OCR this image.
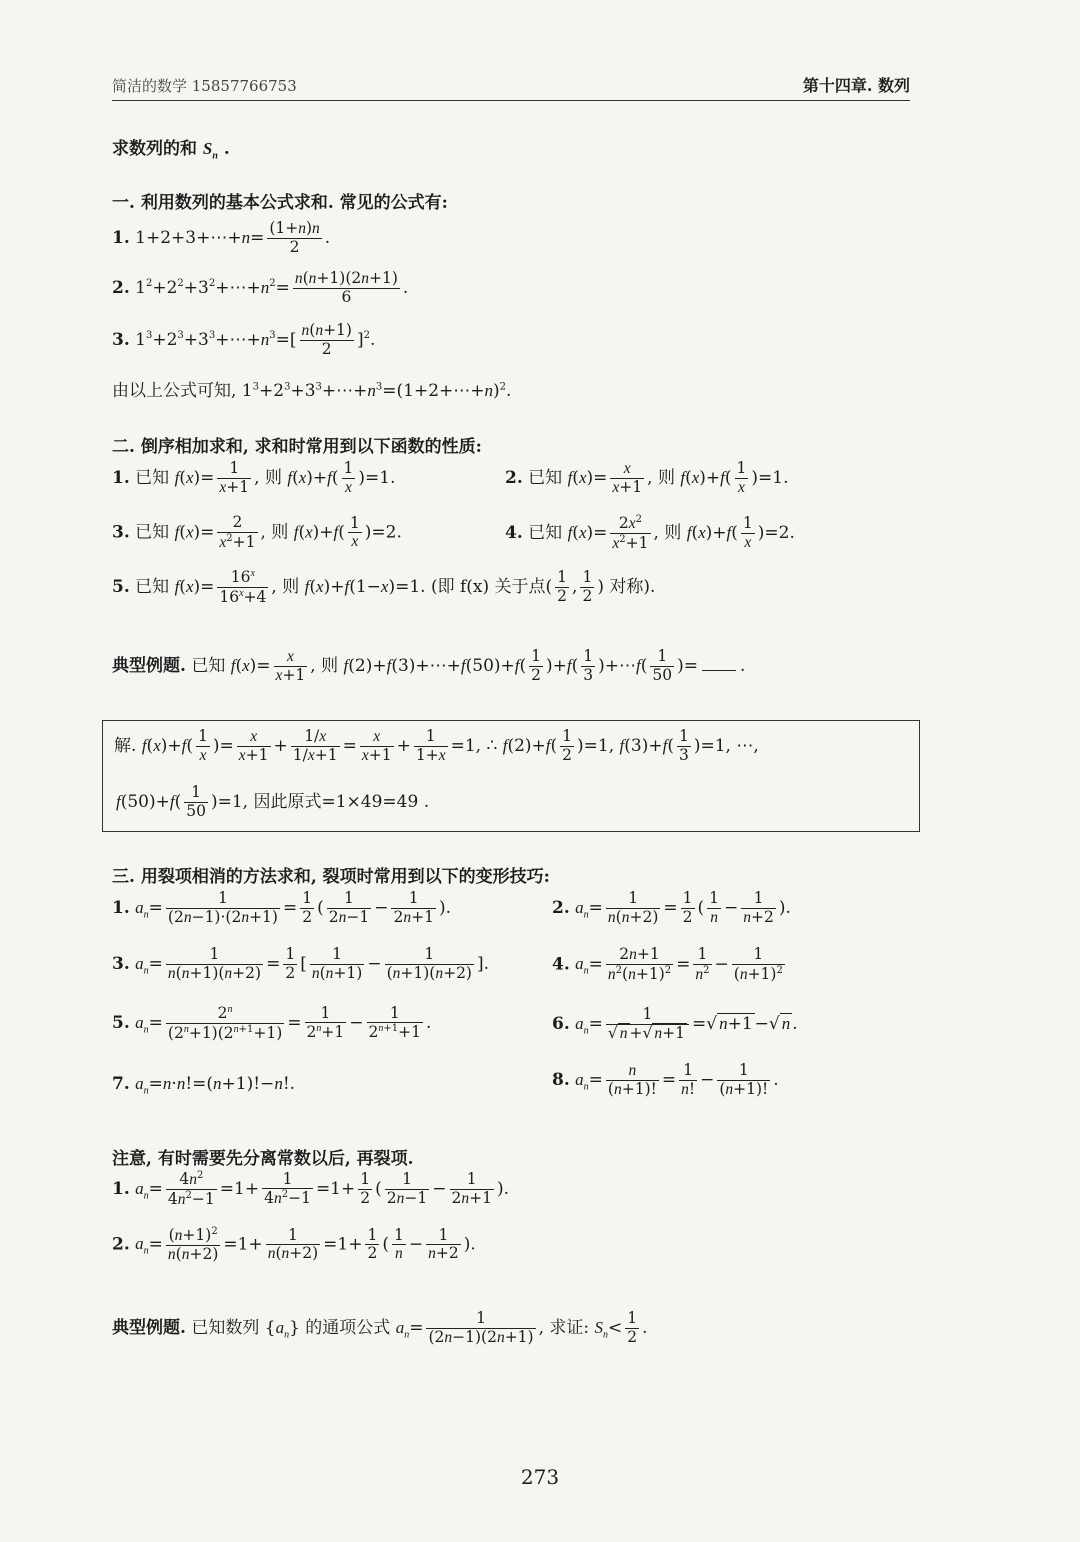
简洁的数学 15857766753	第十四章. 数列
求数列的和 $S_n$ .
一. 利用数列的基本公式求和. 常见的公式有:
1. 1+2+3+⋯+n= $\frac{(1+n)n}{2}$ .
2. $1^2+2^2+3^2+\cdots+n^2= \frac{n(n+1)(2n+1)}{6}$ .
3. $1^3+2^3+3^3+\cdots+n^3=[ \frac{n(n+1)}{2} ]^2$.
由以上公式可知, $1^3+2^3+3^3+\cdots+n^3=(1+2+\cdots+n)^2$.
二. 倒序相加求和, 求和时常用到以下函数的性质:
1. 已知 $f(x)= \frac{1}{x+1}$ , 则 $f(x)+f( \frac{1}{x} )=1$.	2. 已知 $f(x)= \frac{x}{x+1}$ , 则 $f(x)+f( \frac{1}{x} )=1$.
3. 已知 $f(x)= \frac{2}{x^2+1}$ , 则 $f(x)+f( \frac{1}{x} )=2$.	4. 已知 $f(x)= \frac{2x^2}{x^2+1}$ , 则 $f(x)+f( \frac{1}{x} )=2$.
5. 已知 $f(x)= \frac{16^x}{16^x+4}$ , 则 f(x)+f(1−x)=1. (即 f(x) 关于点( $\frac{1}{2}$ , $\frac{1}{2}$ ) 对称).
典型例题. 已知 $f(x)= \frac{x}{x+1}$ , 则 f(2)+f(3)+⋯+f(50)+f( $\frac{1}{2} )+f( \frac{1}{3}$ )+⋯f( $\frac{1}{50}$ )= .
解. $f(x)+f( \frac{1}{x}$ )= $\frac{x}{x+1} + \frac{1/x}{1/x+1} = \frac{x}{x+1} + \frac{1}{1+x} =1$, ∴ $f(2)+f( \frac{1}{2} )=1$, $f(3)+f( \frac{1}{3} )=1$, ⋯,
$f(50)+f( \frac{1}{50} )=1$, 因此原式=1×49=49 .
三. 用裂项相消的方法求和, 裂项时常用到以下的变形技巧:
1. $a_n= \frac{1}{(2n-1)\cdot(2n+1)} = \frac{1}{2}$ ( $\frac{1}{2n-1} - \frac{1}{2n+1}$ ).	2. $a_n= \frac{1}{n(n+2)} = \frac{1}{2}$ ( $\frac{1}{n} - \frac{1}{n+2}$ ).
3. $a_n= \frac{1}{n(n+1)(n+2)} = \frac{1}{2}$ [ $\frac{1}{n(n+1)} - \frac{1}{(n+1)(n+2)}$ ].	4. $a_n= \frac{2n+1}{n^2(n+1)^2} = \frac{1}{n^2} - \frac{1}{(n+1)^2}$
5. $a_n= \frac{2^n}{(2^n+1)(2^{n+1}+1)} = \frac{1}{2^n+1} - \frac{1}{2^{n+1}+1}$ .	6. $a_n= \frac{1}{√ n +√ n+1}$ =√ n+1 −√ n .
7. $a_n=n\cdot n!=(n+1)!-n$!.	8. $a_n= \frac{n}{(n+1)!} = \frac{1}{n!} - \frac{1}{(n+1)!}$ .
注意, 有时需要先分离常数以后, 再裂项.
1. $a_n= \frac{4n^2}{4n^2-1} =1+ \frac{1}{4n^2-1} =1+ \frac{1}{2}$ ( $\frac{1}{2n-1} - \frac{1}{2n+1}$ ).
2. $a_n= \frac{(n+1)^2}{n(n+2)} =1+ \frac{1}{n(n+2)} =1+ \frac{1}{2}$ ( $\frac{1}{n} - \frac{1}{n+2}$ ).
典型例题. 已知数列 $\{a_n\}$ 的通项公式 $a_n= \frac{1}{(2n-1)(2n+1)}$ , 求证: $S_n< \frac{1}{2}$ .
273
